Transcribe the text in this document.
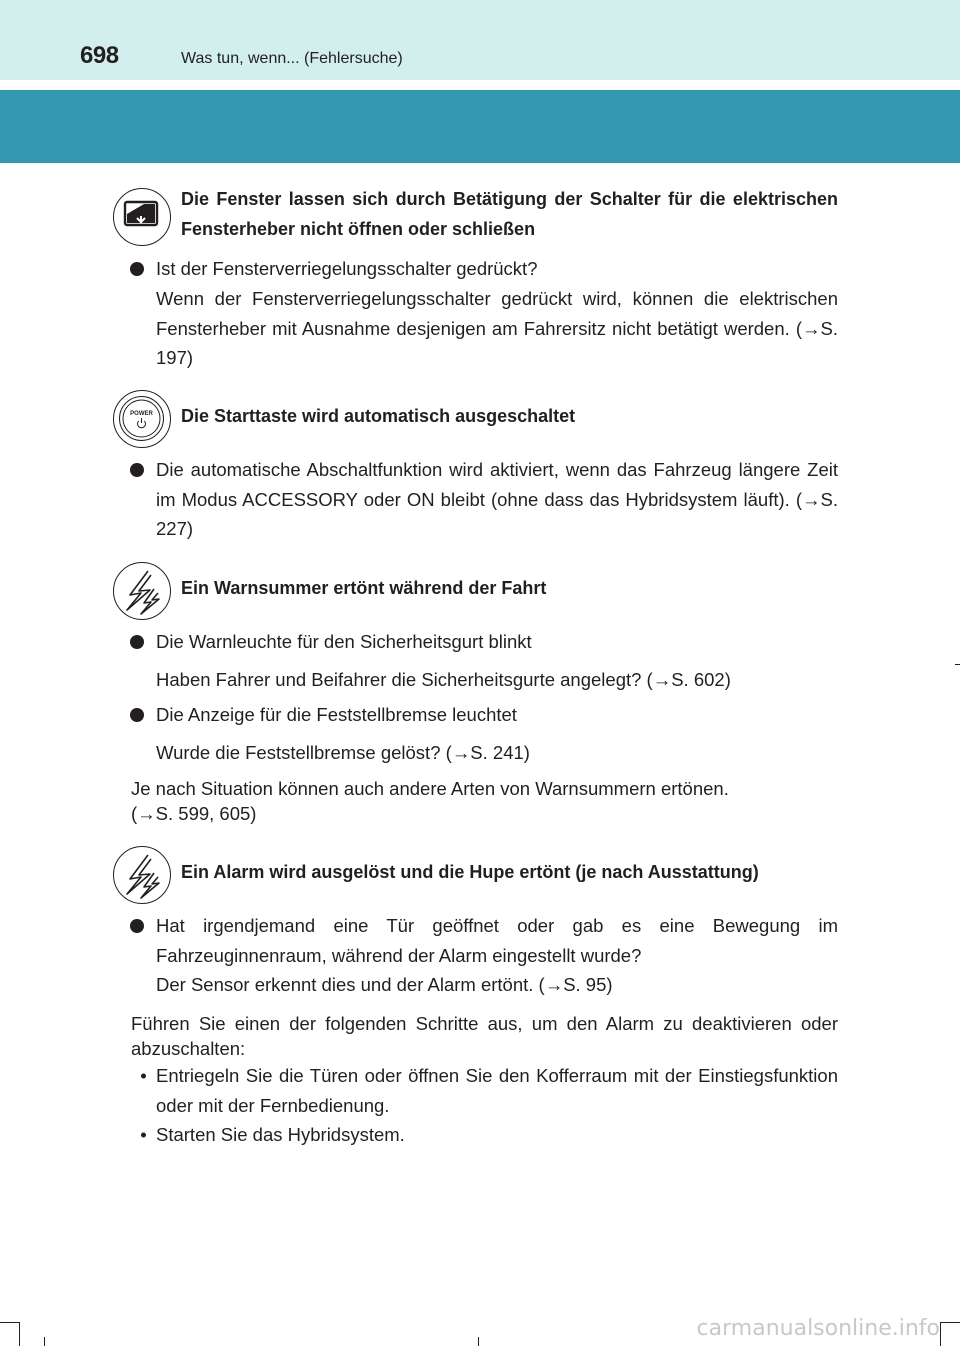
698	Was tun, wenn... (Fehlersuche)
Die Fenster lassen sich durch Betätigung der Schalter für die elektrischen Fensterheber nicht öffnen oder schließen
Ist der Fensterverriegelungsschalter gedrückt?
Wenn der Fensterverriegelungsschalter gedrückt wird, können die elektrischen Fensterheber mit Ausnahme desjenigen am Fahrersitz nicht betätigt werden. (→S. 197)
POWER Die Starttaste wird automatisch ausgeschaltet
Die automatische Abschaltfunktion wird aktiviert, wenn das Fahrzeug längere Zeit im Modus ACCESSORY oder ON bleibt (ohne dass das Hybridsystem läuft). (→S. 227)
Ein Warnsummer ertönt während der Fahrt
Die Warnleuchte für den Sicherheitsgurt blinkt
Haben Fahrer und Beifahrer die Sicherheitsgurte angelegt? (→S. 602)
Die Anzeige für die Feststellbremse leuchtet
Wurde die Feststellbremse gelöst? (→S. 241)
Je nach Situation können auch andere Arten von Warnsummern ertönen.
(→S. 599, 605)
Ein Alarm wird ausgelöst und die Hupe ertönt (je nach Ausstattung)
Hat irgendjemand eine Tür geöffnet oder gab es eine Bewegung im Fahrzeuginnenraum, während der Alarm eingestellt wurde?
Der Sensor erkennt dies und der Alarm ertönt. (→S. 95)
Führen Sie einen der folgenden Schritte aus, um den Alarm zu deaktivieren oder abzuschalten:
• Entriegeln Sie die Türen oder öffnen Sie den Kofferraum mit der Einstiegsfunktion oder mit der Fernbedienung.
• Starten Sie das Hybridsystem.
carmanualsonline.info
